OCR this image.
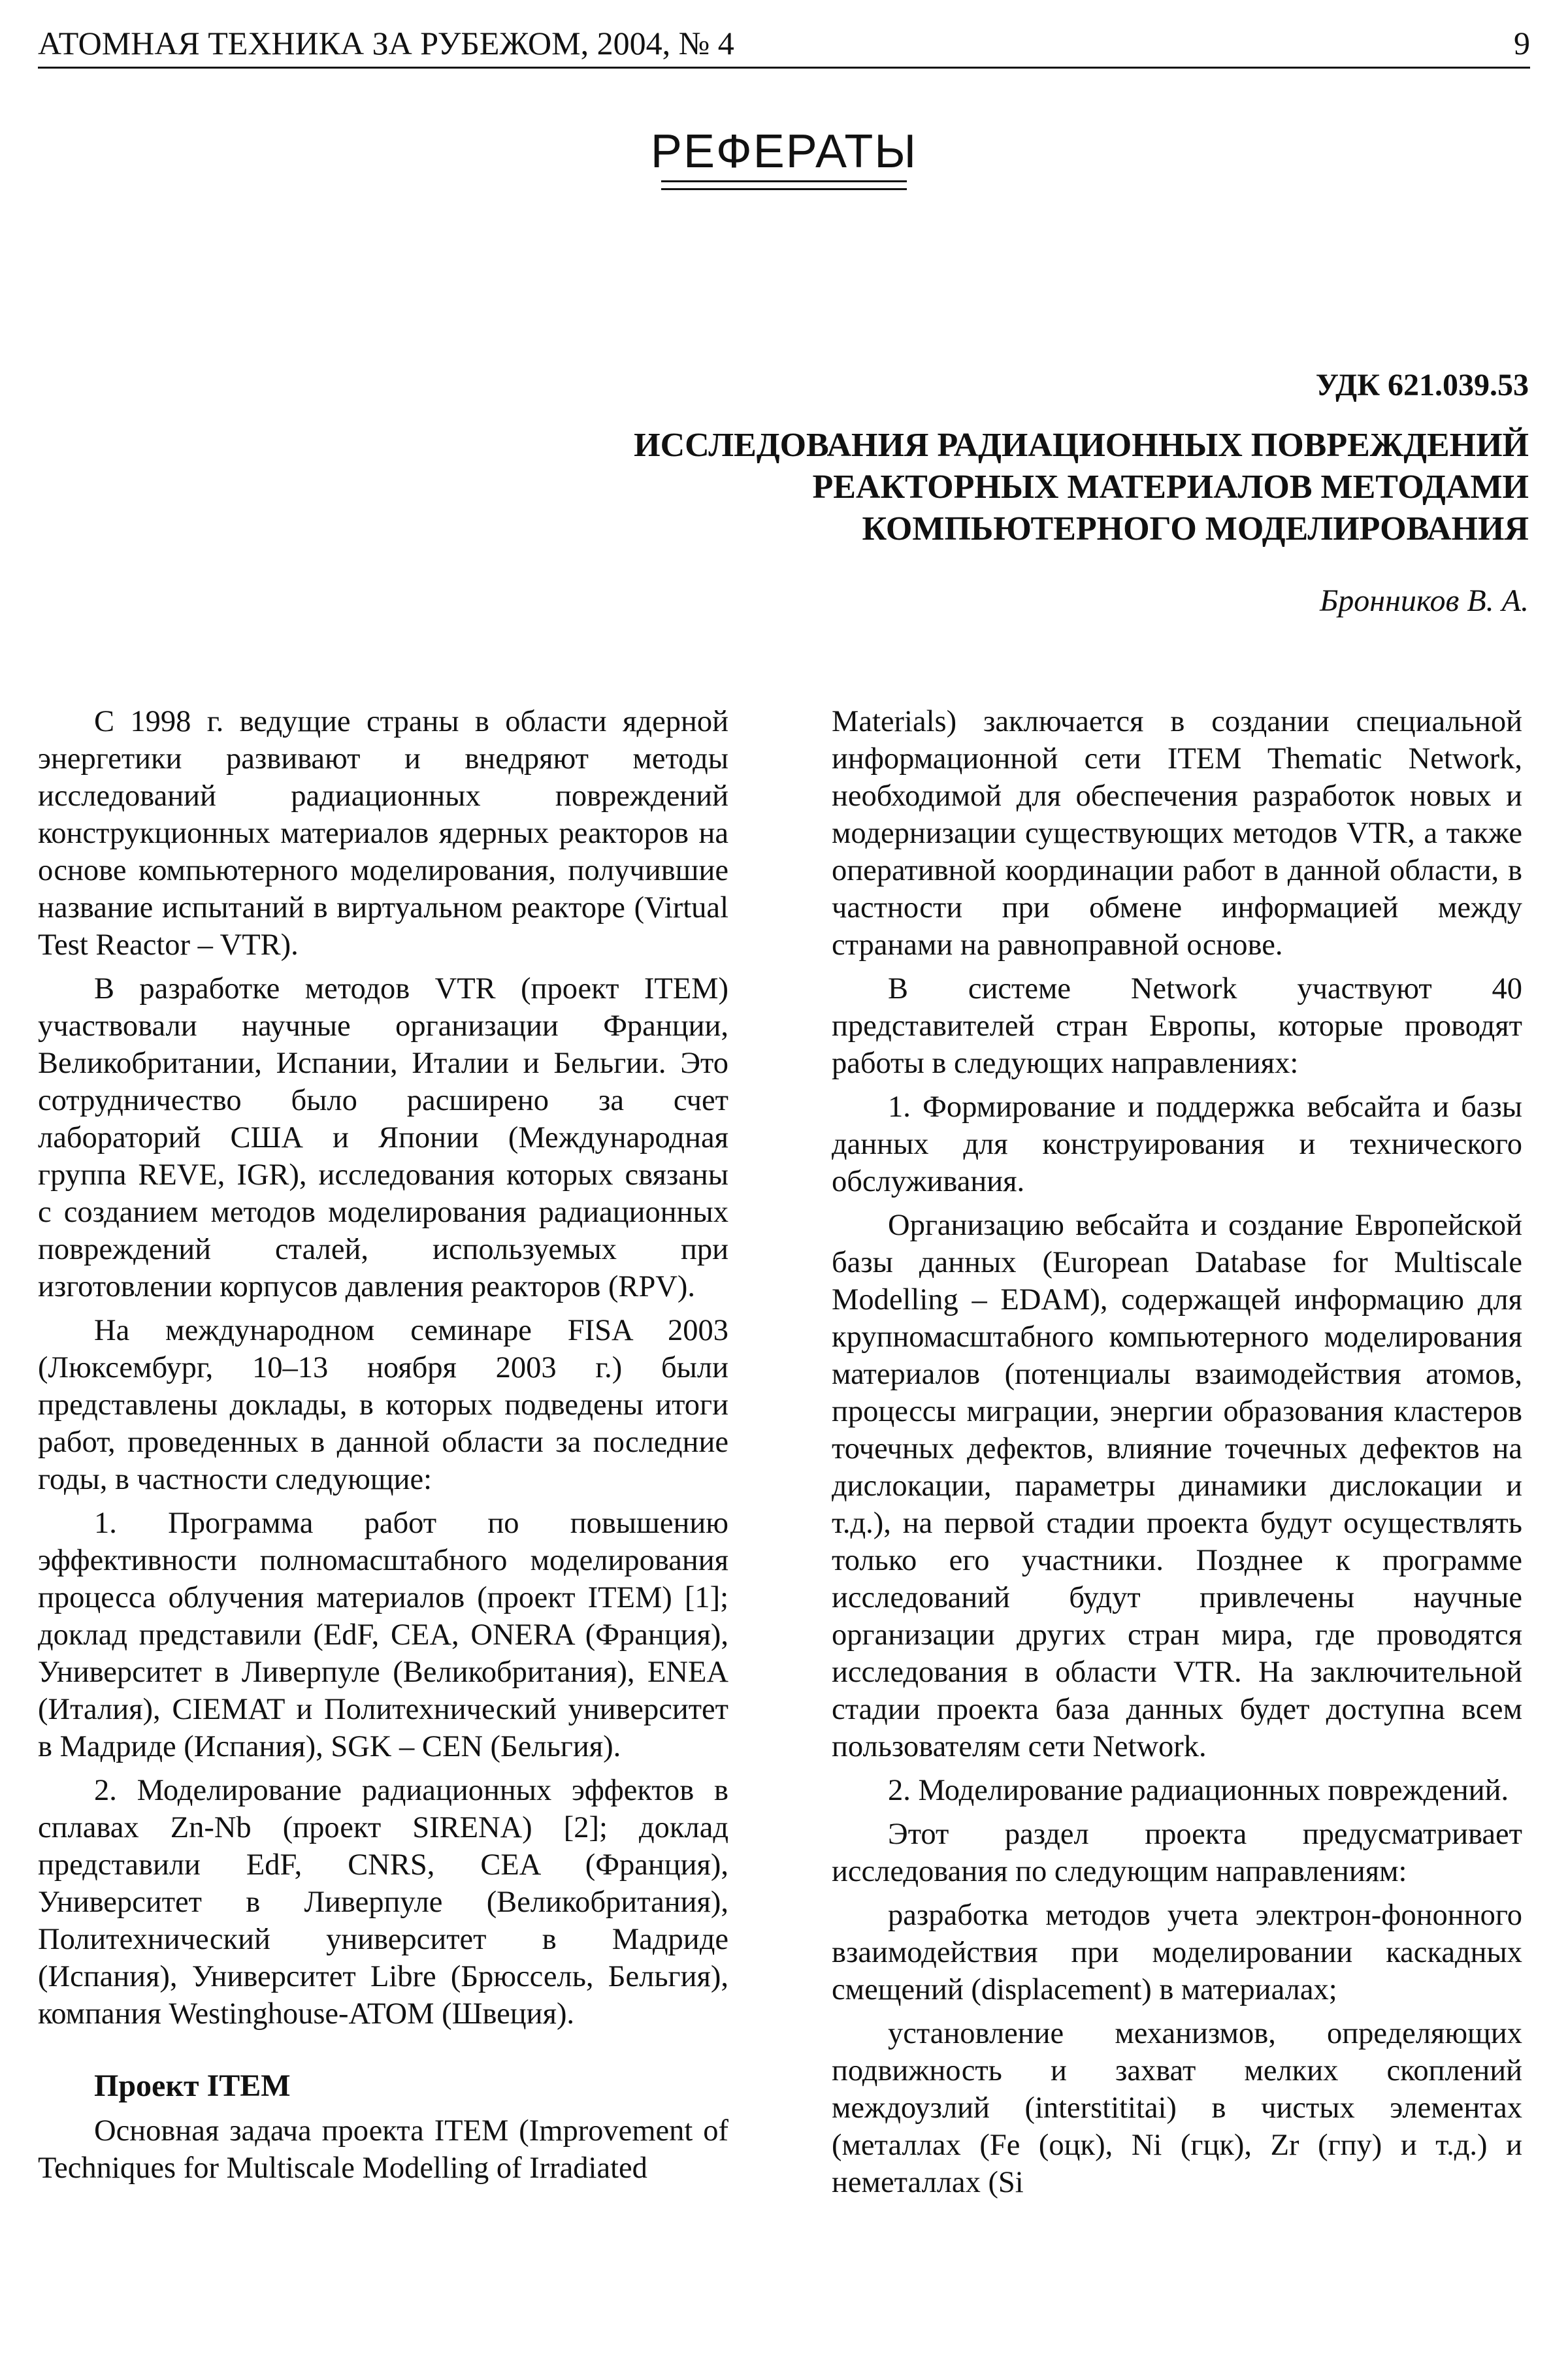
АТОМНАЯ ТЕХНИКА ЗА РУБЕЖОМ, 2004, № 4	9
РЕФЕРАТЫ
УДК 621.039.53
ИССЛЕДОВАНИЯ РАДИАЦИОННЫХ ПОВРЕЖДЕНИЙ
РЕАКТОРНЫХ МАТЕРИАЛОВ МЕТОДАМИ
КОМПЬЮТЕРНОГО МОДЕЛИРОВАНИЯ
Бронников В. А.

С 1998 г. ведущие страны в области ядерной энергетики развивают и внедряют методы исследований радиационных повреждений конструкционных материалов ядерных реакторов на основе компьютерного моделирования, получившие название испытаний в виртуальном реакторе (Virtual Test Reactor – VTR).

В разработке методов VTR (проект ITEM) участвовали научные организации Франции, Великобритании, Испании, Италии и Бельгии. Это сотрудничество было расширено за счет лабораторий США и Японии (Международная группа REVE, IGR), исследования которых связаны с созданием методов моделирования радиационных повреждений сталей, используемых при изготовлении корпусов давления реакторов (RPV).

На международном семинаре FISA 2003 (Люксембург, 10–13 ноября 2003 г.) были представлены доклады, в которых подведены итоги работ, проведенных в данной области за последние годы, в частности следующие:

1. Программа работ по повышению эффективности полномасштабного моделирования процесса облучения материалов (проект ITEM) [1]; доклад представили (EdF, CEA, ONERA (Франция), Университет в Ливерпуле (Великобритания), ENEA (Италия), CIEMAT и Политехнический университет в Мадриде (Испания), SGK – CEN (Бельгия).

2. Моделирование радиационных эффектов в сплавах Zn-Nb (проект SIRENA) [2]; доклад представили EdF, CNRS, CEA (Франция), Университет в Ливерпуле (Великобритания), Политехнический университет в Мадриде (Испания), Университет Libre (Брюссель, Бельгия), компания Westinghouse-ATOM (Швеция).

Проект ITEM

Основная задача проекта ITEM (Improvement of Techniques for Multiscale Modelling of Irradiated

Materials) заключается в создании специальной информационной сети ITEM Thematic Network, необходимой для обеспечения разработок новых и модернизации существующих методов VTR, а также оперативной координации работ в данной области, в частности при обмене информацией между странами на равноправной основе.

В системе Network участвуют 40 представителей стран Европы, которые проводят работы в следующих направлениях:

1. Формирование и поддержка вебсайта и базы данных для конструирования и технического обслуживания.

Организацию вебсайта и создание Европейской базы данных (European Database for Multiscale Modelling – EDAM), содержащей информацию для крупномасштабного компьютерного моделирования материалов (потенциалы взаимодействия атомов, процессы миграции, энергии образования кластеров точечных дефектов, влияние точечных дефектов на дислокации, параметры динамики дислокации и т.д.), на первой стадии проекта будут осуществлять только его участники. Позднее к программе исследований будут привлечены научные организации других стран мира, где проводятся исследования в области VTR. На заключительной стадии проекта база данных будет доступна всем пользователям сети Network.

2. Моделирование радиационных повреждений.

Этот раздел проекта предусматривает исследования по следующим направлениям:

разработка методов учета электрон-фононного взаимодействия при моделировании каскадных смещений (displacement) в материалах;

установление механизмов, определяющих подвижность и захват мелких скоплений междоузлий (interstititai) в чистых элементах (металлах (Fe (оцк), Ni (гцк), Zr (гпу) и т.д.) и неметаллах (Si
